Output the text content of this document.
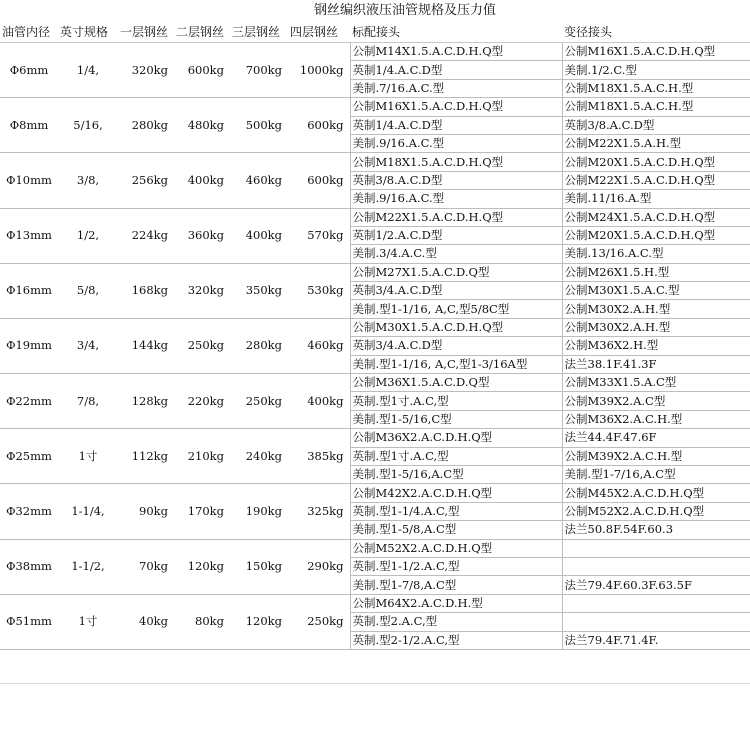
钢丝编织液压油管规格及压力值
油管内径	英寸规格	一层钢丝	二层钢丝	三层钢丝	四层钢丝	标配接头	变径接头
Φ6mm	1/4,	320kg	600kg	700kg	1000kg	公制M14X1.5.A.C.D.H.Q型	公制M16X1.5.A.C.D.H.Q型
						英制1/4.A.C.D型	美制.1/2.C.型
						美制.7/16.A.C.型	公制M18X1.5.A.C.H.型
Φ8mm	5/16,	280kg	480kg	500kg	600kg	公制M16X1.5.A.C.D.H.Q型	公制M18X1.5.A.C.H.型
						英制1/4.A.C.D型	英制3/8.A.C.D型
						美制.9/16.A.C.型	公制M22X1.5.A.H.型
Φ10mm	3/8,	256kg	400kg	460kg	600kg	公制M18X1.5.A.C.D.H.Q型	公制M20X1.5.A.C.D.H.Q型
						英制3/8.A.C.D型	公制M22X1.5.A.C.D.H.Q型
						美制.9/16.A.C.型	美制.11/16.A.型
Φ13mm	1/2,	224kg	360kg	400kg	570kg	公制M22X1.5.A.C.D.H.Q型	公制M24X1.5.A.C.D.H.Q型
						英制1/2.A.C.D型	公制M20X1.5.A.C.D.H.Q型
						美制.3/4.A.C.型	美制.13/16.A.C.型
Φ16mm	5/8,	168kg	320kg	350kg	530kg	公制M27X1.5.A.C.D.Q型	公制M26X1.5.H.型
						英制3/4.A.C.D型	公制M30X1.5.A.C.型
						美制.型1-1/16, A,C,型5/8C型	公制M30X2.A.H.型
Φ19mm	3/4,	144kg	250kg	280kg	460kg	公制M30X1.5.A.C.D.H.Q型	公制M30X2.A.H.型
						英制3/4.A.C.D型	公制M36X2.H.型
						美制.型1-1/16, A,C,型1-3/16A型	法兰38.1F.41.3F
Φ22mm	7/8,	128kg	220kg	250kg	400kg	公制M36X1.5.A.C.D.Q型	公制M33X1.5.A.C型
						英制.型1寸.A.C,型	公制M39X2.A.C型
						美制.型1-5/16,C型	公制M36X2.A.C.H.型
Φ25mm	1寸	112kg	210kg	240kg	385kg	公制M36X2.A.C.D.H.Q型	法兰44.4F.47.6F
						英制.型1寸.A.C,型	公制M39X2.A.C.H.型
						美制.型1-5/16,A.C型	美制.型1-7/16,A.C型
Φ32mm	1-1/4,	90kg	170kg	190kg	325kg	公制M42X2.A.C.D.H.Q型	公制M45X2.A.C.D.H.Q型
						英制.型1-1/4.A.C,型	公制M52X2.A.C.D.H.Q型
						美制.型1-5/8,A.C型	法兰50.8F.54F.60.3
Φ38mm	1-1/2,	70kg	120kg	150kg	290kg	公制M52X2.A.C.D.H.Q型	
						英制.型1-1/2.A.C,型	
						美制.型1-7/8,A.C型	法兰79.4F.60.3F.63.5F
Φ51mm	1寸	40kg	80kg	120kg	250kg	公制M64X2.A.C.D.H.型	
						英制.型2.A.C,型	
						英制.型2-1/2.A.C,型	法兰79.4F.71.4F.
